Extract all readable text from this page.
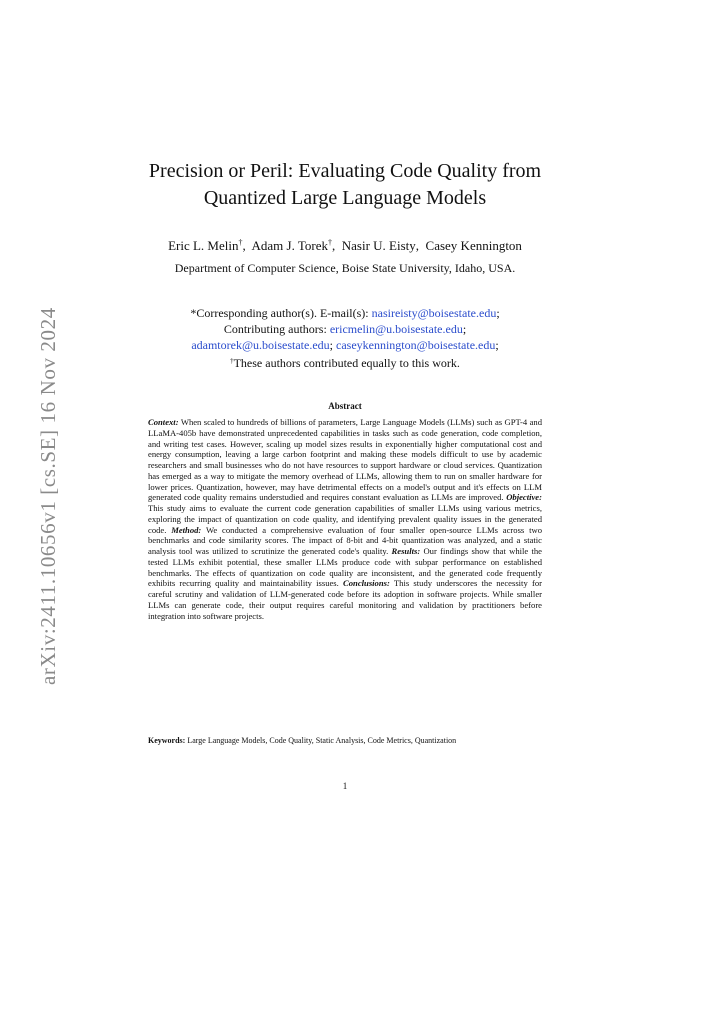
arXiv:2411.10656v1 [cs.SE] 16 Nov 2024
Precision or Peril: Evaluating Code Quality from
Quantized Large Language Models
Eric L. Melin†,  Adam J. Torek†,  Nasir U. Eisty,  Casey Kennington
Department of Computer Science, Boise State University, Idaho, USA.
*Corresponding author(s). E-mail(s): nasireisty@boisestate.edu;
Contributing authors: ericmelin@u.boisestate.edu;
adamtorek@u.boisestate.edu; caseykennington@boisestate.edu;
†These authors contributed equally to this work.
Abstract
Context: When scaled to hundreds of billions of parameters, Large Language Models (LLMs) such as GPT-4 and LLaMA-405b have demonstrated unprecedented capabilities in tasks such as code generation, code completion, and writing test cases. However, scaling up model sizes results in exponentially higher computational cost and energy consumption, leaving a large carbon footprint and making these models difficult to use by academic researchers and small businesses who do not have resources to support hardware or cloud services. Quantization has emerged as a way to mitigate the memory overhead of LLMs, allowing them to run on smaller hardware for lower prices. Quantization, however, may have detrimental effects on a model's output and it's effects on LLM generated code quality remains understudied and requires constant evaluation as LLMs are improved. Objective: This study aims to evaluate the current code generation capabilities of smaller LLMs using various metrics, exploring the impact of quantization on code quality, and identifying prevalent quality issues in the generated code. Method: We conducted a comprehensive evaluation of four smaller open-source LLMs across two benchmarks and code similarity scores. The impact of 8-bit and 4-bit quantization was analyzed, and a static analysis tool was utilized to scrutinize the generated code's quality. Results: Our findings show that while the tested LLMs exhibit potential, these smaller LLMs produce code with subpar performance on established benchmarks. The effects of quantization on code quality are inconsistent, and the generated code frequently exhibits recurring quality and maintainability issues. Conclusions: This study underscores the necessity for careful scrutiny and validation of LLM-generated code before its adoption in software projects. While smaller LLMs can generate code, their output requires careful monitoring and validation by practitioners before integration into software projects.
Keywords: Large Language Models, Code Quality, Static Analysis, Code Metrics, Quantization
1
